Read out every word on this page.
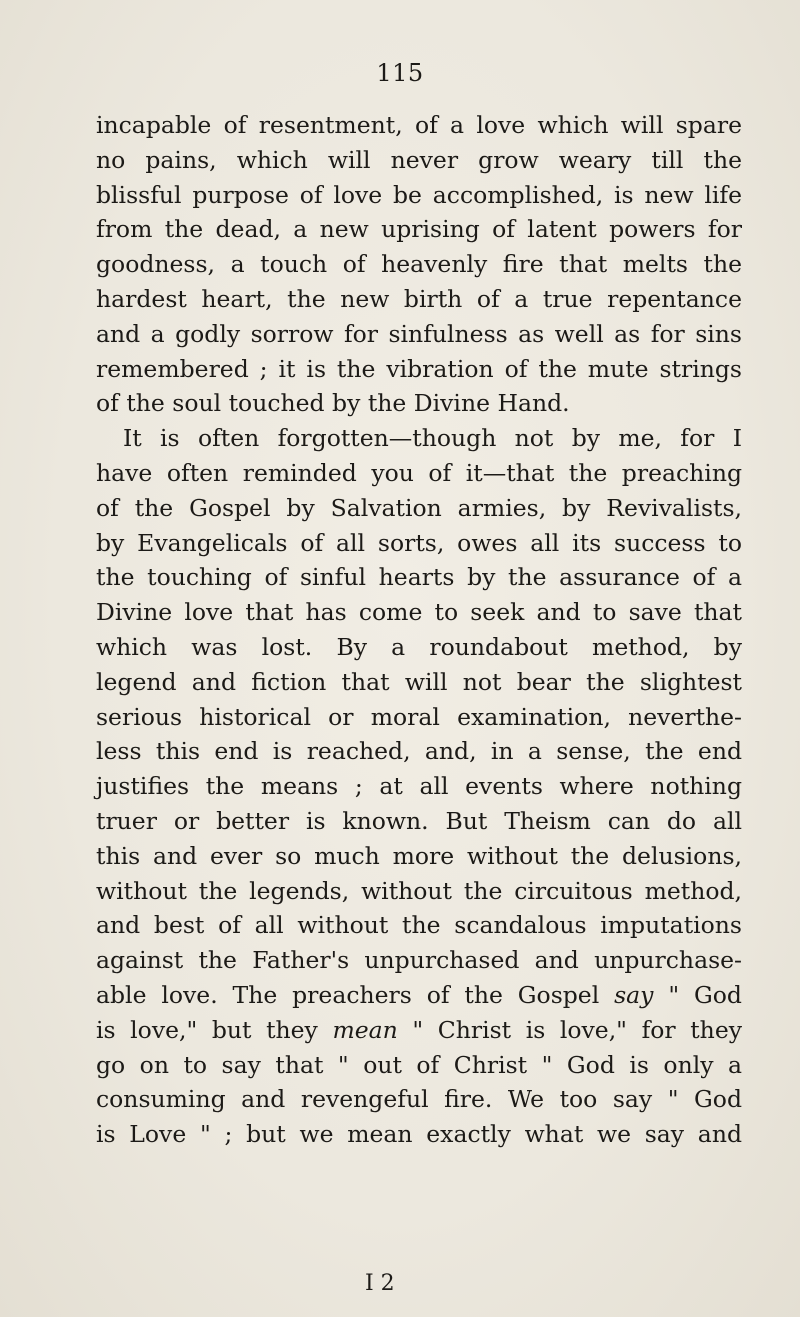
115
incapable of resentment, of a love which will spare
no pains, which will never grow weary till the
blissful purpose of love be accomplished, is new life
from the dead, a new uprising of latent powers for
goodness, a touch of heavenly fire that melts the
hardest heart, the new birth of a true repentance
and a godly sorrow for sinfulness as well as for sins
remembered ; it is the vibration of the mute strings
of the soul touched by the Divine Hand.
It is often forgotten—though not by me, for I
have often reminded you of it—that the preaching
of the Gospel by Salvation armies, by Revivalists,
by Evangelicals of all sorts, owes all its success to
the touching of sinful hearts by the assurance of a
Divine love that has come to seek and to save that
which was lost. By a roundabout method, by
legend and fiction that will not bear the slightest
serious historical or moral examination, neverthe-
less this end is reached, and, in a sense, the end
justifies the means ; at all events where nothing
truer or better is known. But Theism can do all
this and ever so much more without the delusions,
without the legends, without the circuitous method,
and best of all without the scandalous imputations
against the Father's unpurchased and unpurchase-
able love. The preachers of the Gospel say " God
is love," but they mean " Christ is love," for they
go on to say that " out of Christ " God is only a
consuming and revengeful fire. We too say " God
is Love " ; but we mean exactly what we say and
I 2
